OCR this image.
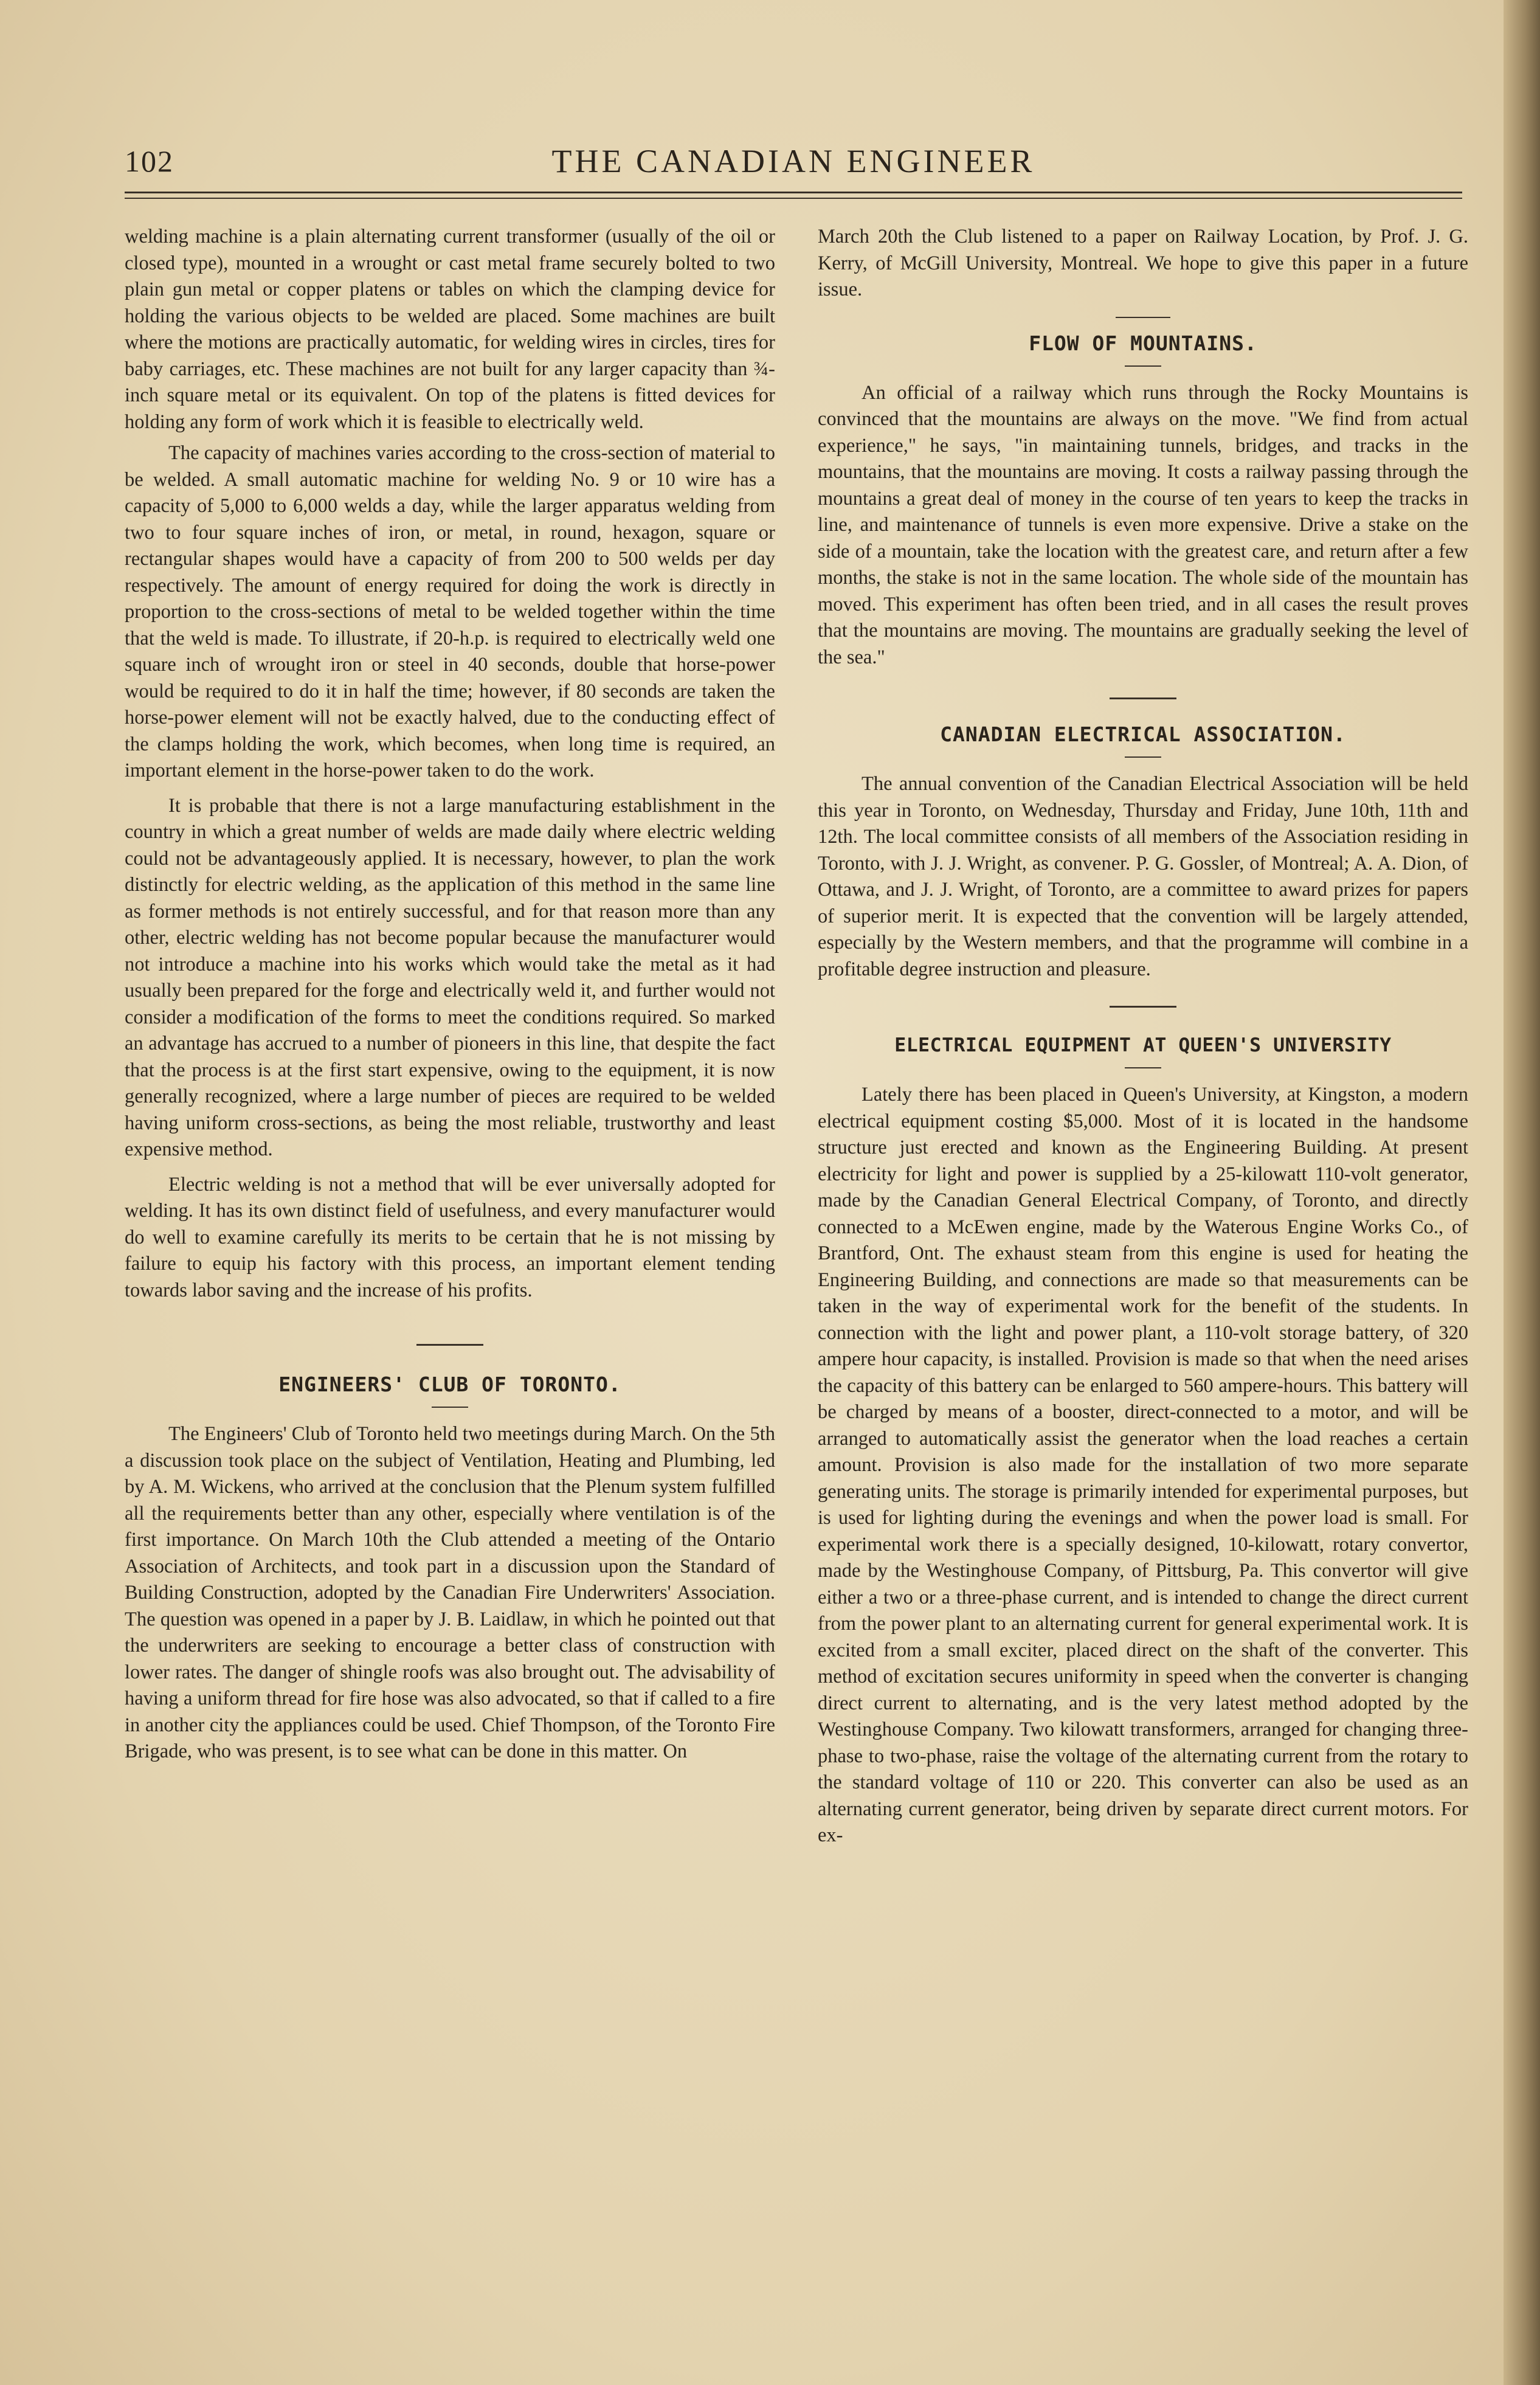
102	THE CANADIAN ENGINEER

welding machine is a plain alternating current transformer (usually of the oil or closed type), mounted in a wrought or cast metal frame securely bolted to two plain gun metal or copper platens or tables on which the clamping device for holding the various objects to be welded are placed. Some machines are built where the motions are practically automatic, for welding wires in circles, tires for baby carriages, etc. These machines are not built for any larger capacity than ¾-inch square metal or its equivalent. On top of the platens is fitted devices for holding any form of work which it is feasible to electrically weld.

The capacity of machines varies according to the cross-section of material to be welded. A small automatic machine for welding No. 9 or 10 wire has a capacity of 5,000 to 6,000 welds a day, while the larger apparatus welding from two to four square inches of iron, or metal, in round, hexagon, square or rectangular shapes would have a capacity of from 200 to 500 welds per day respectively. The amount of energy required for doing the work is directly in proportion to the cross-sections of metal to be welded together within the time that the weld is made. To illustrate, if 20-h.p. is required to electrically weld one square inch of wrought iron or steel in 40 seconds, double that horse-power would be required to do it in half the time; however, if 80 seconds are taken the horse-power element will not be exactly halved, due to the conducting effect of the clamps holding the work, which becomes, when long time is required, an important element in the horse-power taken to do the work.

It is probable that there is not a large manufacturing establishment in the country in which a great number of welds are made daily where electric welding could not be advantageously applied. It is necessary, however, to plan the work distinctly for electric welding, as the application of this method in the same line as former methods is not entirely successful, and for that reason more than any other, electric welding has not become popular because the manufacturer would not introduce a machine into his works which would take the metal as it had usually been prepared for the forge and electrically weld it, and further would not consider a modification of the forms to meet the conditions required. So marked an advantage has accrued to a number of pioneers in this line, that despite the fact that the process is at the first start expensive, owing to the equipment, it is now generally recognized, where a large number of pieces are required to be welded having uniform cross-sections, as being the most reliable, trustworthy and least expensive method.

Electric welding is not a method that will be ever universally adopted for welding. It has its own distinct field of usefulness, and every manufacturer would do well to examine carefully its merits to be certain that he is not missing by failure to equip his factory with this process, an important element tending towards labor saving and the increase of his profits.

ENGINEERS' CLUB OF TORONTO.

The Engineers' Club of Toronto held two meetings during March. On the 5th a discussion took place on the subject of Ventilation, Heating and Plumbing, led by A. M. Wickens, who arrived at the conclusion that the Plenum system fulfilled all the requirements better than any other, especially where ventilation is of the first importance. On March 10th the Club attended a meeting of the Ontario Association of Architects, and took part in a discussion upon the Standard of Building Construction, adopted by the Canadian Fire Underwriters' Association. The question was opened in a paper by J. B. Laidlaw, in which he pointed out that the underwriters are seeking to encourage a better class of construction with lower rates. The danger of shingle roofs was also brought out. The advisability of having a uniform thread for fire hose was also advocated, so that if called to a fire in another city the appliances could be used. Chief Thompson, of the Toronto Fire Brigade, who was present, is to see what can be done in this matter. On

March 20th the Club listened to a paper on Railway Location, by Prof. J. G. Kerry, of McGill University, Montreal. We hope to give this paper in a future issue.

FLOW OF MOUNTAINS.

An official of a railway which runs through the Rocky Mountains is convinced that the mountains are always on the move. "We find from actual experience," he says, "in maintaining tunnels, bridges, and tracks in the mountains, that the mountains are moving. It costs a railway passing through the mountains a great deal of money in the course of ten years to keep the tracks in line, and maintenance of tunnels is even more expensive. Drive a stake on the side of a mountain, take the location with the greatest care, and return after a few months, the stake is not in the same location. The whole side of the mountain has moved. This experiment has often been tried, and in all cases the result proves that the mountains are moving. The mountains are gradually seeking the level of the sea."

CANADIAN ELECTRICAL ASSOCIATION.

The annual convention of the Canadian Electrical Association will be held this year in Toronto, on Wednesday, Thursday and Friday, June 10th, 11th and 12th. The local committee consists of all members of the Association residing in Toronto, with J. J. Wright, as convener. P. G. Gossler, of Montreal; A. A. Dion, of Ottawa, and J. J. Wright, of Toronto, are a committee to award prizes for papers of superior merit. It is expected that the convention will be largely attended, especially by the Western members, and that the programme will combine in a profitable degree instruction and pleasure.

ELECTRICAL EQUIPMENT AT QUEEN'S UNIVERSITY

Lately there has been placed in Queen's University, at Kingston, a modern electrical equipment costing $5,000. Most of it is located in the handsome structure just erected and known as the Engineering Building. At present electricity for light and power is supplied by a 25-kilowatt 110-volt generator, made by the Canadian General Electrical Company, of Toronto, and directly connected to a McEwen engine, made by the Waterous Engine Works Co., of Brantford, Ont. The exhaust steam from this engine is used for heating the Engineering Building, and connections are made so that measurements can be taken in the way of experimental work for the benefit of the students. In connection with the light and power plant, a 110-volt storage battery, of 320 ampere hour capacity, is installed. Provision is made so that when the need arises the capacity of this battery can be enlarged to 560 ampere-hours. This battery will be charged by means of a booster, direct-connected to a motor, and will be arranged to automatically assist the generator when the load reaches a certain amount. Provision is also made for the installation of two more separate generating units. The storage is primarily intended for experimental purposes, but is used for lighting during the evenings and when the power load is small. For experimental work there is a specially designed, 10-kilowatt, rotary convertor, made by the Westinghouse Company, of Pittsburg, Pa. This convertor will give either a two or a three-phase current, and is intended to change the direct current from the power plant to an alternating current for general experimental work. It is excited from a small exciter, placed direct on the shaft of the converter. This method of excitation secures uniformity in speed when the converter is changing direct current to alternating, and is the very latest method adopted by the Westinghouse Company. Two kilowatt transformers, arranged for changing three-phase to two-phase, raise the voltage of the alternating current from the rotary to the standard voltage of 110 or 220. This converter can also be used as an alternating current generator, being driven by separate direct current motors. For ex-
